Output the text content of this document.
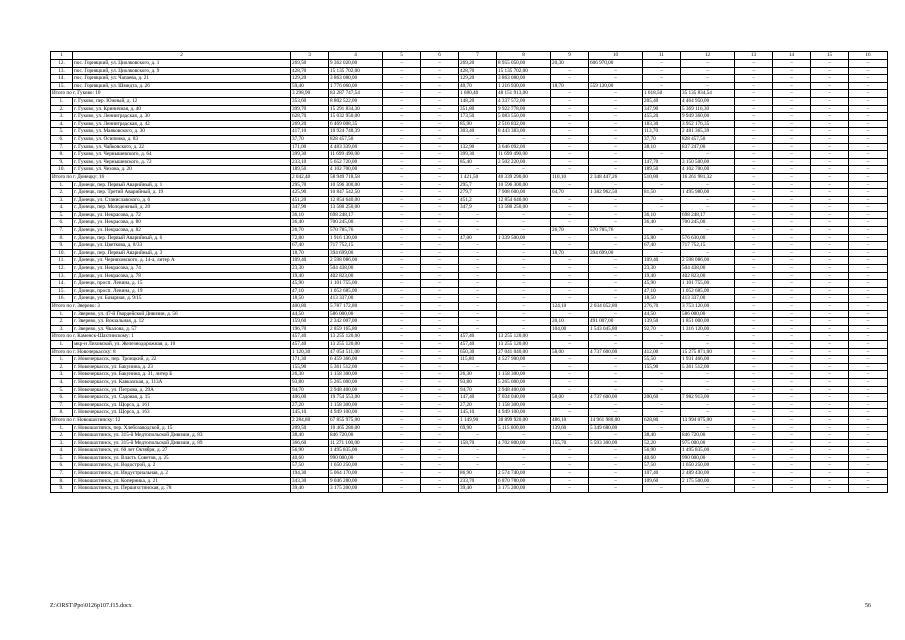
1	2	3	4	5	6	7	8	9	10	11	12	13	14	15	16
12.	пос. Горняцкий, ул. Циолковского, д. 1	269,50	9 362 020,00	–	–	269,20	8 955 050,00	20,30	606 970,00	–	–	–	–	–	–
13.	пос. Горняцкий, ул. Циолковского, д. 9	428,70	15 135 702,00	–	–	428,70	15 135 702,00	–	–	–	–	–	–	–	–
14.	пос. Горняцкий, ул. Чапаева, д. 21	129,20	3 863 080,00	–	–	129,20	3 863 080,00	–	–	–	–	–	–	–	–
15.	пос. Горняцкий, ул. Шмидта, д. 26	59,40	1 776 060,00	–	–	40,70	1 216 930,00	18,70	559 130,00	–	–	–	–	–	–
Итого по г. Гуково: 10		3 298,90	83 287 747,54	–	–	1 680,40	48 151 913,00	–	–	1 618,50	35 135 834,54	–	–	–	–
1.	г. Гуково, пер. Южный, д. 12	353,60	8 802 522,00	–	–	148,20	4 337 572,00	–	–	205,40	4 464 950,00	–	–	–	–
2.	г. Гуково, ул. Криничная, д. 40	399,70	15 291 834,30	–	–	351,80	9 922 778,00	–	–	347,90	5 369 116,30	–	–	–	–
3.	г. Гуково, ул. Ленинградская, д. 30	628,70	15 032 950,00	–	–	173,50	5 083 550,00	–	–	455,20	9 949 360,00	–	–	–	–
4.	г. Гуково, ул. Ленинградская, д. 42	269,20	6 469 008,35	–	–	85,90	2 516 832,00	–	–	183,30	3 952 176,35	–	–	–	–
5.	г. Гуково, ул. Маяковского, д. 30	417,10	10 924 748,39	–	–	303,40	8 443 383,00	–	–	113,70	2 481 365,39	–	–	–	–
6.	г. Гуково, ул. Осипенко, д. 83	37,70	828 457,50	–	–	–	–	–	–	37,70	828 457,50	–	–	–	–
7.	г. Гуково, ул. Чайковского, д. 22	171,00	4 483 339,00	–	–	132,90	3 646 092,00	–	–	38,10	837 247,00	–	–	–	–
8.	г. Гуково, ул. Чернышевского, д. 64	399,30	11 699 490,00	–	–	399,30	11 699 490,00	–	–	–	–	–	–	–	–
9.	г. Гуково, ул. Чернышевского, д. 72	233,10	5 652 720,00	–	–	85,40	2 502 220,00	–	–	147,70	3 150 500,00	–	–	–	–
10.	г. Гуково, ул. Чехова, д. 20	189,50	4 102 700,00	–	–	–	–	–	–	189,50	4 102 700,00	–	–	–	–
Итого по г. Донецку: 16		2 042,40	58 949 718,58	–	–	1 421,50	40 339 290,00	110,10	2 348 447,26	510,80	16 261 981,32	–	–	–	–
1.	г. Донецк, пер. Первый Аварийный, д. 1	295,70	10 596 300,00	–	–	295,7	10 596 300,00	–	–	–	–	–	–	–	–
2.	г. Донецк, пер. Третий Аварийный, д. 19	425,90	10 847 542,50	–	–	279,7	7 908 600,00	64,70	1 382 962,50	81,50	1 495 980,00	–	–	–	–
3.	г. Донецк, ул. Станиславского, д. 6	451,20	12 854 640,00	–	–	451,2	12 854 640,00	–	–	–	–	–	–	–	–
4.	г. Донецк, пер. Молодежный, д. 20	347,90	13 580 250,00	–	–	347,9	13 580 250,00	–	–	–	–	–	–	–	–
5.	г. Донецк, ул. Некрасова, д. 72	36,10	698 248,17	–	–	–	–	–	–	36,10	698 248,17	–	–	–	–
6.	г. Донецк, ул. Некрасова, д. 80	36,40	700 245,00	–	–	–	–	–	–	36,40	700 245,00	–	–	–	–
7.	г. Донецк, ул. Некрасова, д. 82	26,70	570 785,76	–	–	–	–	26,70	570 785,76	–	–	–	–	–	–
8.	г. Донецк, пер. Первый Аварийный, д. 6	72,80	1 916 130,00	–	–	47,00	1 339 500,00	–	–	25,80	576 630,00	–	–	–	–
9.	г. Донецк, ул. Цветкова, д. 8/33	67,40	717 752,15	–	–	–	–	–	–	67,40	717 752,15	–	–	–	–
10.	г. Донецк, пер. Первый Аварийный, д. 3	18,70	394 699,00	–	–	–	–	18,70	394 699,00	–	–	–	–	–	–
11.	г. Донецк, ул. Черняховского, д. 14-а, литер А	109,40	2 598 086,00	–	–	–	–	–	–	109,40	2 598 086,00	–	–	–	–
12.	г. Донецк, ул. Некрасова, д. 74	23,30	504 438,00	–	–	–	–	–	–	23,30	504 438,00	–	–	–	–
13.	г. Донецк, ул. Некрасова, д. 78	19,40	402 823,00	–	–	–	–	–	–	19,40	402 823,00	–	–	–	–
14.	г. Донецк, просп. Ленина, д. 15	45,90	1 101 755,00	–	–	–	–	–	–	45,90	1 101 755,00	–	–	–	–
15.	г. Донецк, просп. Ленина, д. 19	47,10	1 052 685,00	–	–	–	–	–	–	47,10	1 052 685,00	–	–	–	–
16.	г. Донецк, ул. Базарная, д. 9/15	18,50	413 337,00	–	–	–	–	–	–	18,50	413 337,00	–	–	–	–
Итого по г. Зверево: 3		400,80	5 787 172,80	–	–	–	–	124,10	2 034 052,80	276,70	3 753 120,00	–	–	–	–
1.	г. Зверево, ул. 47-й Гвардейской Дивизии, д. 56	44,50	586 000,00	–	–	–	–	–	–	44,50	586 000,00	–	–	–	–
2.	г. Зверево, ул. Вокзальная, д. 12	159,60	2 342 007,00	–	–	–	–	20,10	491 007,00	139,50	1 851 000,00	–	–	–	–
3.	г. Зверево, ул. Чкалова, д. 57	196,70	2 859 165,80	–	–	–	–	104,00	1 543 045,80	92,70	1 316 120,00	–	–	–	–
Итого по г. Каменск-Шахтинскому: 1		457,40	13 255 120,00	–	–	457,40	13 255 120,00	–	–	–	–	–	–	–	–
1.	мкр-н Лиховской, ул. Железнодорожная, д. 10	457,40	13 255 120,00	–	–	457,40	13 255 120,00	–	–	–	–	–	–	–	–
Итого по г. Новочеркасску: 8		1 120,30	47 054 511,00	–	–	650,30	27 041 040,00	58,00	4 737 600,00	412,00	15 275 871,00	–	–	–	–
1.	г. Новочеркасск, пер. Троицкий, д. 22	171,30	6 459 366,00	–	–	115,80	4 527 900,00	–	–	55,50	1 931 466,00	–	–	–	–
2.	г. Новочеркасск, ул. Бакунина, д. 23	155,90	5 361 512,00	–	–	–	–	–	–	155,90	5 361 512,00	–	–	–	–
3.	г. Новочеркасск, ул. Бакунина, д. 31, литер Б	26,30	1 158 300,00	–	–	26,30	1 158 300,00	–	–	–	–	–	–	–	–
4.	г. Новочеркасск, ул. Кавказская, д. 113А	93,80	5 265 000,00	–	–	93,80	5 265 000,00	–	–	–	–	–	–	–	–
5.	г. Новочеркасск, ул. Петрова, д. 29А	94,70	2 948 400,00	–	–	94,70	2 948 400,00	–	–	–	–	–	–	–	–
6.	г. Новочеркасск, ул. Садовая, д. 15	406,00	19 754 553,00	–	–	147,40	7 034 040,00	58,00	4 737 600,00	200,60	7 982 913,00	–	–	–	–
7.	г. Новочеркасск, ул. Щорса, д. 161	27,20	1 158 300,00	–	–	27,20	1 158 300,00	–	–	–	–	–	–	–	–
8.	г. Новочеркасск, ул. Щорса, д. 163	145,10	4 949 100,00	–	–	145,10	4 949 100,00	–	–	–	–	–	–	–	–
Итого по г. Новошахтинску: 12		2 284,80	67 855 975,00	–	–	1 149,90	38 899 920,00	486,10	14 961 980,00	628,80	13 994 075,00	–	–	–	–
1.	г. Новошахтинск, пер. Хлебозаводской, д. 15	209,50	10 465 280,00	–	–	69,90	5 115 600,00	139,60	5 349 680,00	–	–	–	–	–	–
2.	г. Новошахтинск, ул. 315-й Медтопольской Дивизии, д. 83	38,40	846 720,00	–	–	–	–	–	–	38,40	846 720,00	–	–	–	–
3.	г. Новошахтинск, ул. 315-й Медтопольской Дивизии, д. 89	366,60	11 271 100,00	–	–	158,70	4 702 800,00	155,70	5 593 300,00	52,20	975 000,00	–	–	–	–
4.	г. Новошахтинск, ул. 60 лет Октября, д. 27	56,90	1 495 835,00	–	–	–	–	–	–	56,90	1 495 835,00	–	–	–	–
5.	г. Новошахтинск, ул. Власть Советов, д. 25	40,60	990 000,00	–	–	–	–	–	–	40,60	990 000,00	–	–	–	–
6.	г. Новошахтинск, ул. Водострой, д. 2	57,50	1 650 250,00	–	–	–	–	–	–	57,50	1 650 250,00	–	–	–	–
7.	г. Новошахтинск, ул. Индустриальная, д. 2	194,30	5 064 170,00	–	–	86,90	2 574 740,00	–	–	107,40	2 489 430,00	–	–	–	–
8.	г. Новошахтинск, ул. Коперника, д. 21	343,30	9 046 280,00	–	–	233,70	6 870 780,00	–	–	109,60	2 175 500,00	–	–	–	–
9.	г. Новошахтинск, ул. Першихстинская, д. 78	39,40	3 175 200,00	–	–	39,40	3 175 200,00	–	–	–	–	–	–	–	–
Z:\ORST\Ppo\0126p107.f15.docx	56
